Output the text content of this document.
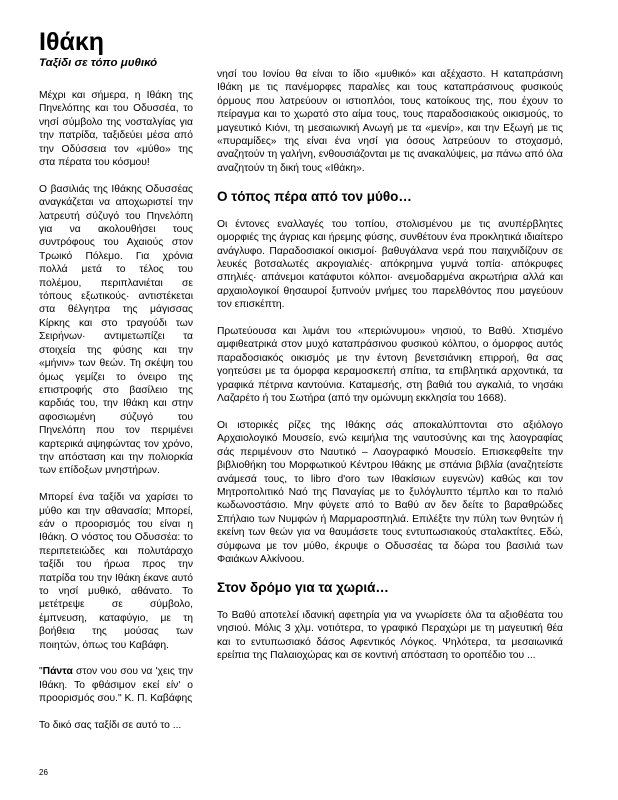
Ιθάκη
Ταξίδι σε τόπο μυθικό

Μέχρι και σήμερα, η Ιθάκη της Πηνελόπης και του Οδυσσέα, το νησί σύμβολο της νοσταλγίας για την πατρίδα, ταξιδεύει μέσα από την Οδύσσεια τον «μύθο» της στα πέρατα του κόσμου!

Ο βασιλιάς της Ιθάκης Οδυσσέας αναγκάζεται να αποχωριστεί την λατρευτή σύζυγό του Πηνελόπη για να ακολουθήσει τους συντρόφους του Αχαιούς στον Τρωικό Πόλεμο. Για χρόνια πολλά μετά το τέλος του πολέμου, περιπλανιέται σε τόπους εξωτικούς· αντιστέκεται στα θέλγητρα της μάγισσας Κίρκης και στο τραγούδι των Σειρήνων· αντιμετωπίζει τα στοιχεία της φύσης και την «μήνιν» των θεών. Τη σκέψη του όμως γεμίζει το όνειρο της επιστροφής στο βασίλειο της καρδιάς του, την Ιθάκη και στην αφοσιωμένη σύζυγό του Πηνελόπη που τον περιμένει καρτερικά αψηφώντας τον χρόνο, την απόσταση και την πολιορκία των επίδοξων μνηστήρων.

Μπορεί ένα ταξίδι να χαρίσει το μύθο και την αθανασία; Μπορεί, εάν ο προορισμός του είναι η Ιθάκη. Ο νόστος του Οδυσσέα: το περιπετειώδες και πολυτάραχο ταξίδι του ήρωα προς την πατρίδα του την Ιθάκη έκανε αυτό το νησί μυθικό, αθάνατο. Το μετέτρεψε σε σύμβολο, έμπνευση, καταφύγιο, με τη βοήθεια της μούσας των ποιητών, όπως του Καβάφη.

"Πάντα στον νου σου να 'χεις την Ιθάκη. Το φθάσιμον εκεί είν' ο προορισμός σου." Κ. Π. Καβάφης

Το δικό σας ταξίδι σε αυτό το ...

νησί του Ιονίου θα είναι το ίδιο «μυθικό» και αξέχαστο. Η καταπράσινη Ιθάκη με τις πανέμορφες παραλίες και τους καταπράσινους φυσικούς όρμους που λατρεύουν οι ιστιοπλόοι, τους κατοίκους της, που έχουν το πείραγμα και το χωρατό στο αίμα τους, τους παραδοσιακούς οικισμούς, το μαγευτικό Κιόνι, τη μεσαιωνική Ανωγή με τα «μενίρ», και την Εξωγή με τις «πυραμίδες» της είναι ένα νησί για όσους λατρεύουν το στοχασμό, αναζητούν τη γαλήνη, ενθουσιάζονται με τις ανακαλύψεις, μα πάνω από όλα αναζητούν τη δική τους «Ιθάκη».

Ο τόπος πέρα από τον μύθο…

Οι έντονες εναλλαγές του τοπίου, στολισμένου με τις ανυπέρβλητες ομορφιές της άγριας και ήρεμης φύσης, συνθέτουν ένα προκλητικά ιδιαίτερο ανάγλυφο. Παραδοσιακοί οικισμοί· βαθυγάλανα νερά που παιχνιδίζουν σε λευκές βοτσαλωτές ακρογιαλιές· απόκρημνα γυμνά τοπία· απόκρυφες σπηλιές· απάνεμοι κατάφυτοι κόλποι· ανεμοδαρμένα ακρωτήρια αλλά και αρχαιολογικοί θησαυροί ξυπνούν μνήμες του παρελθόντος που μαγεύουν τον επισκέπτη.

Πρωτεύουσα και λιμάνι του «περιώνυμου» νησιού, το Βαθύ. Χτισμένο αμφιθεατρικά στον μυχό καταπράσινου φυσικού κόλπου, ο όμορφος αυτός παραδοσιακός οικισμός με την έντονη βενετσιάνικη επιρροή, θα σας γοητεύσει με τα όμορφα κεραμοσκεπή σπίτια, τα επιβλητικά αρχοντικά, τα γραφικά πέτρινα καντούνια. Καταμεσής, στη βαθιά του αγκαλιά, το νησάκι Λαζαρέτο ή του Σωτήρα (από την ομώνυμη εκκλησία του 1668).

Οι ιστορικές ρίζες της Ιθάκης σάς αποκαλύπτονται στο αξιόλογο Αρχαιολογικό Μουσείο, ενώ κειμήλια της ναυτοσύνης και της λαογραφίας σάς περιμένουν στο Ναυτικό – Λαογραφικό Μουσείο. Επισκεφθείτε την βιβλιοθήκη του Μορφωτικού Κέντρου Ιθάκης με σπάνια βιβλία (αναζητείστε ανάμεσά τους, το libro d'oro των Ιθακίσιων ευγενών) καθώς και τον Μητροπολιτικό Ναό της Παναγίας με το ξυλόγλυπτο τέμπλο και το παλιό κωδωνοστάσιο. Μην φύγετε από το Βαθύ αν δεν δείτε το βαραθρώδες Σπήλαιο των Νυμφών ή Μαρμαροσπηλιά. Επιλέξτε την πύλη των θνητών ή εκείνη των θεών για να θαυμάσετε τους εντυπωσιακούς σταλακτίτες. Εδώ, σύμφωνα με τον μύθο, έκρυψε ο Οδυσσέας τα δώρα του βασιλιά των Φαιάκων Αλκίνοου.

Στον δρόμο για τα χωριά…

Το Βαθύ αποτελεί ιδανική αφετηρία για να γνωρίσετε όλα τα αξιοθέατα του νησιού. Μόλις 3 χλμ. νοτιότερα, το γραφικό Περαχώρι με τη μαγευτική θέα και το εντυπωσιακό δάσος Αφεντικός Λόγκος. Ψηλότερα, τα μεσαιωνικά ερείπια της Παλαιοχώρας και σε κοντινή απόσταση το οροπέδιο του ...

26
